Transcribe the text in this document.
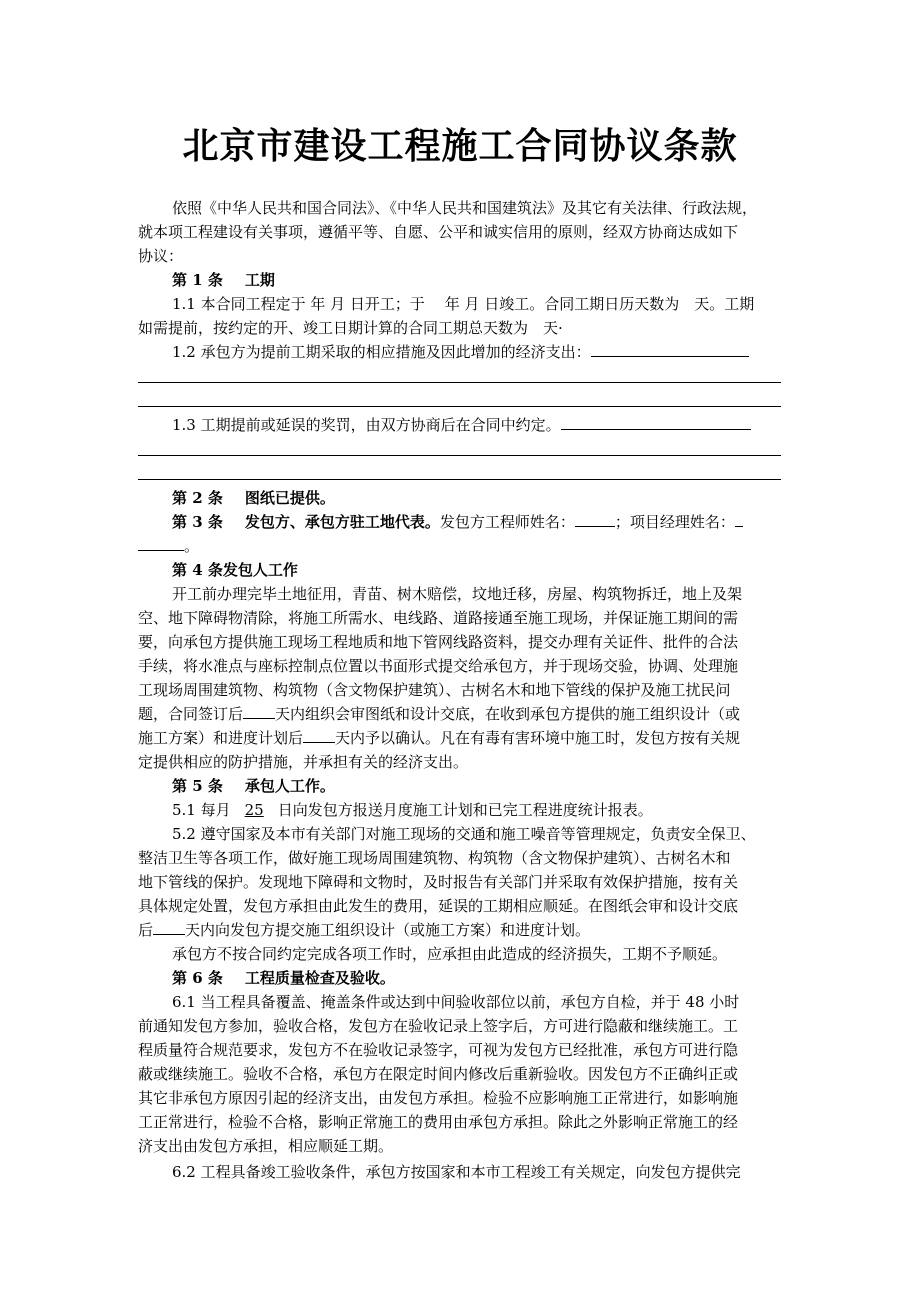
北京市建设工程施工合同协议条款
依照《中华人民共和国合同法》、《中华人民共和国建筑法》及其它有关法律、行政法规，
就本项工程建设有关事项，遵循平等、自愿、公平和诚实信用的原则，经双方协商达成如下
协议：
第 1 条 工期
1.1 本合同工程定于 年 月 日开工；于　 年 月 日竣工。合同工期日历天数为　天。工期
如需提前，按约定的开、竣工日期计算的合同工期总天数为　天·
1.2 承包方为提前工期采取的相应措施及因此增加的经济支出：
1.3 工期提前或延误的奖罚，由双方协商后在合同中约定。
第 2 条 图纸已提供。
第 3 条 发包方、承包方驻工地代表。发包方工程师姓名：	；项目经理姓名：
。
第 4 条发包人工作
开工前办理完毕土地征用，青苗、树木赔偿，坟地迁移，房屋、构筑物拆迁，地上及架
空、地下障碍物清除，将施工所需水、电线路、道路接通至施工现场，并保证施工期间的需
要，向承包方提供施工现场工程地质和地下管网线路资料，提交办理有关证件、批件的合法
手续，将水准点与座标控制点位置以书面形式提交给承包方，并于现场交验，协调、处理施
工现场周围建筑物、构筑物（含文物保护建筑）、古树名木和地下管线的保护及施工扰民问
题，合同签订后 天内组织会审图纸和设计交底，在收到承包方提供的施工组织设计（或
施工方案）和进度计划后 天内予以确认。凡在有毒有害环境中施工时，发包方按有关规
定提供相应的防护措施，并承担有关的经济支出。
第 5 条 承包人工作。
5.1 每月 25 日向发包方报送月度施工计划和已完工程进度统计报表。
5.2 遵守国家及本市有关部门对施工现场的交通和施工噪音等管理规定，负责安全保卫、
整洁卫生等各项工作，做好施工现场周围建筑物、构筑物（含文物保护建筑）、古树名木和
地下管线的保护。发现地下障碍和文物时，及时报告有关部门并采取有效保护措施，按有关
具体规定处置，发包方承担由此发生的费用，延误的工期相应顺延。在图纸会审和设计交底
后 天内向发包方提交施工组织设计（或施工方案）和进度计划。
承包方不按合同约定完成各项工作时，应承担由此造成的经济损失，工期不予顺延。
第 6 条 工程质量检查及验收。
6.1 当工程具备覆盖、掩盖条件或达到中间验收部位以前，承包方自检，并于 48 小时
前通知发包方参加，验收合格，发包方在验收记录上签字后，方可进行隐蔽和继续施工。工
程质量符合规范要求，发包方不在验收记录签字，可视为发包方已经批准，承包方可进行隐
蔽或继续施工。验收不合格，承包方在限定时间内修改后重新验收。因发包方不正确纠正或
其它非承包方原因引起的经济支出，由发包方承担。检验不应影响施工正常进行，如影响施
工正常进行，检验不合格，影响正常施工的费用由承包方承担。除此之外影响正常施工的经
济支出由发包方承担，相应顺延工期。
6.2 工程具备竣工验收条件，承包方按国家和本市工程竣工有关规定，向发包方提供完
